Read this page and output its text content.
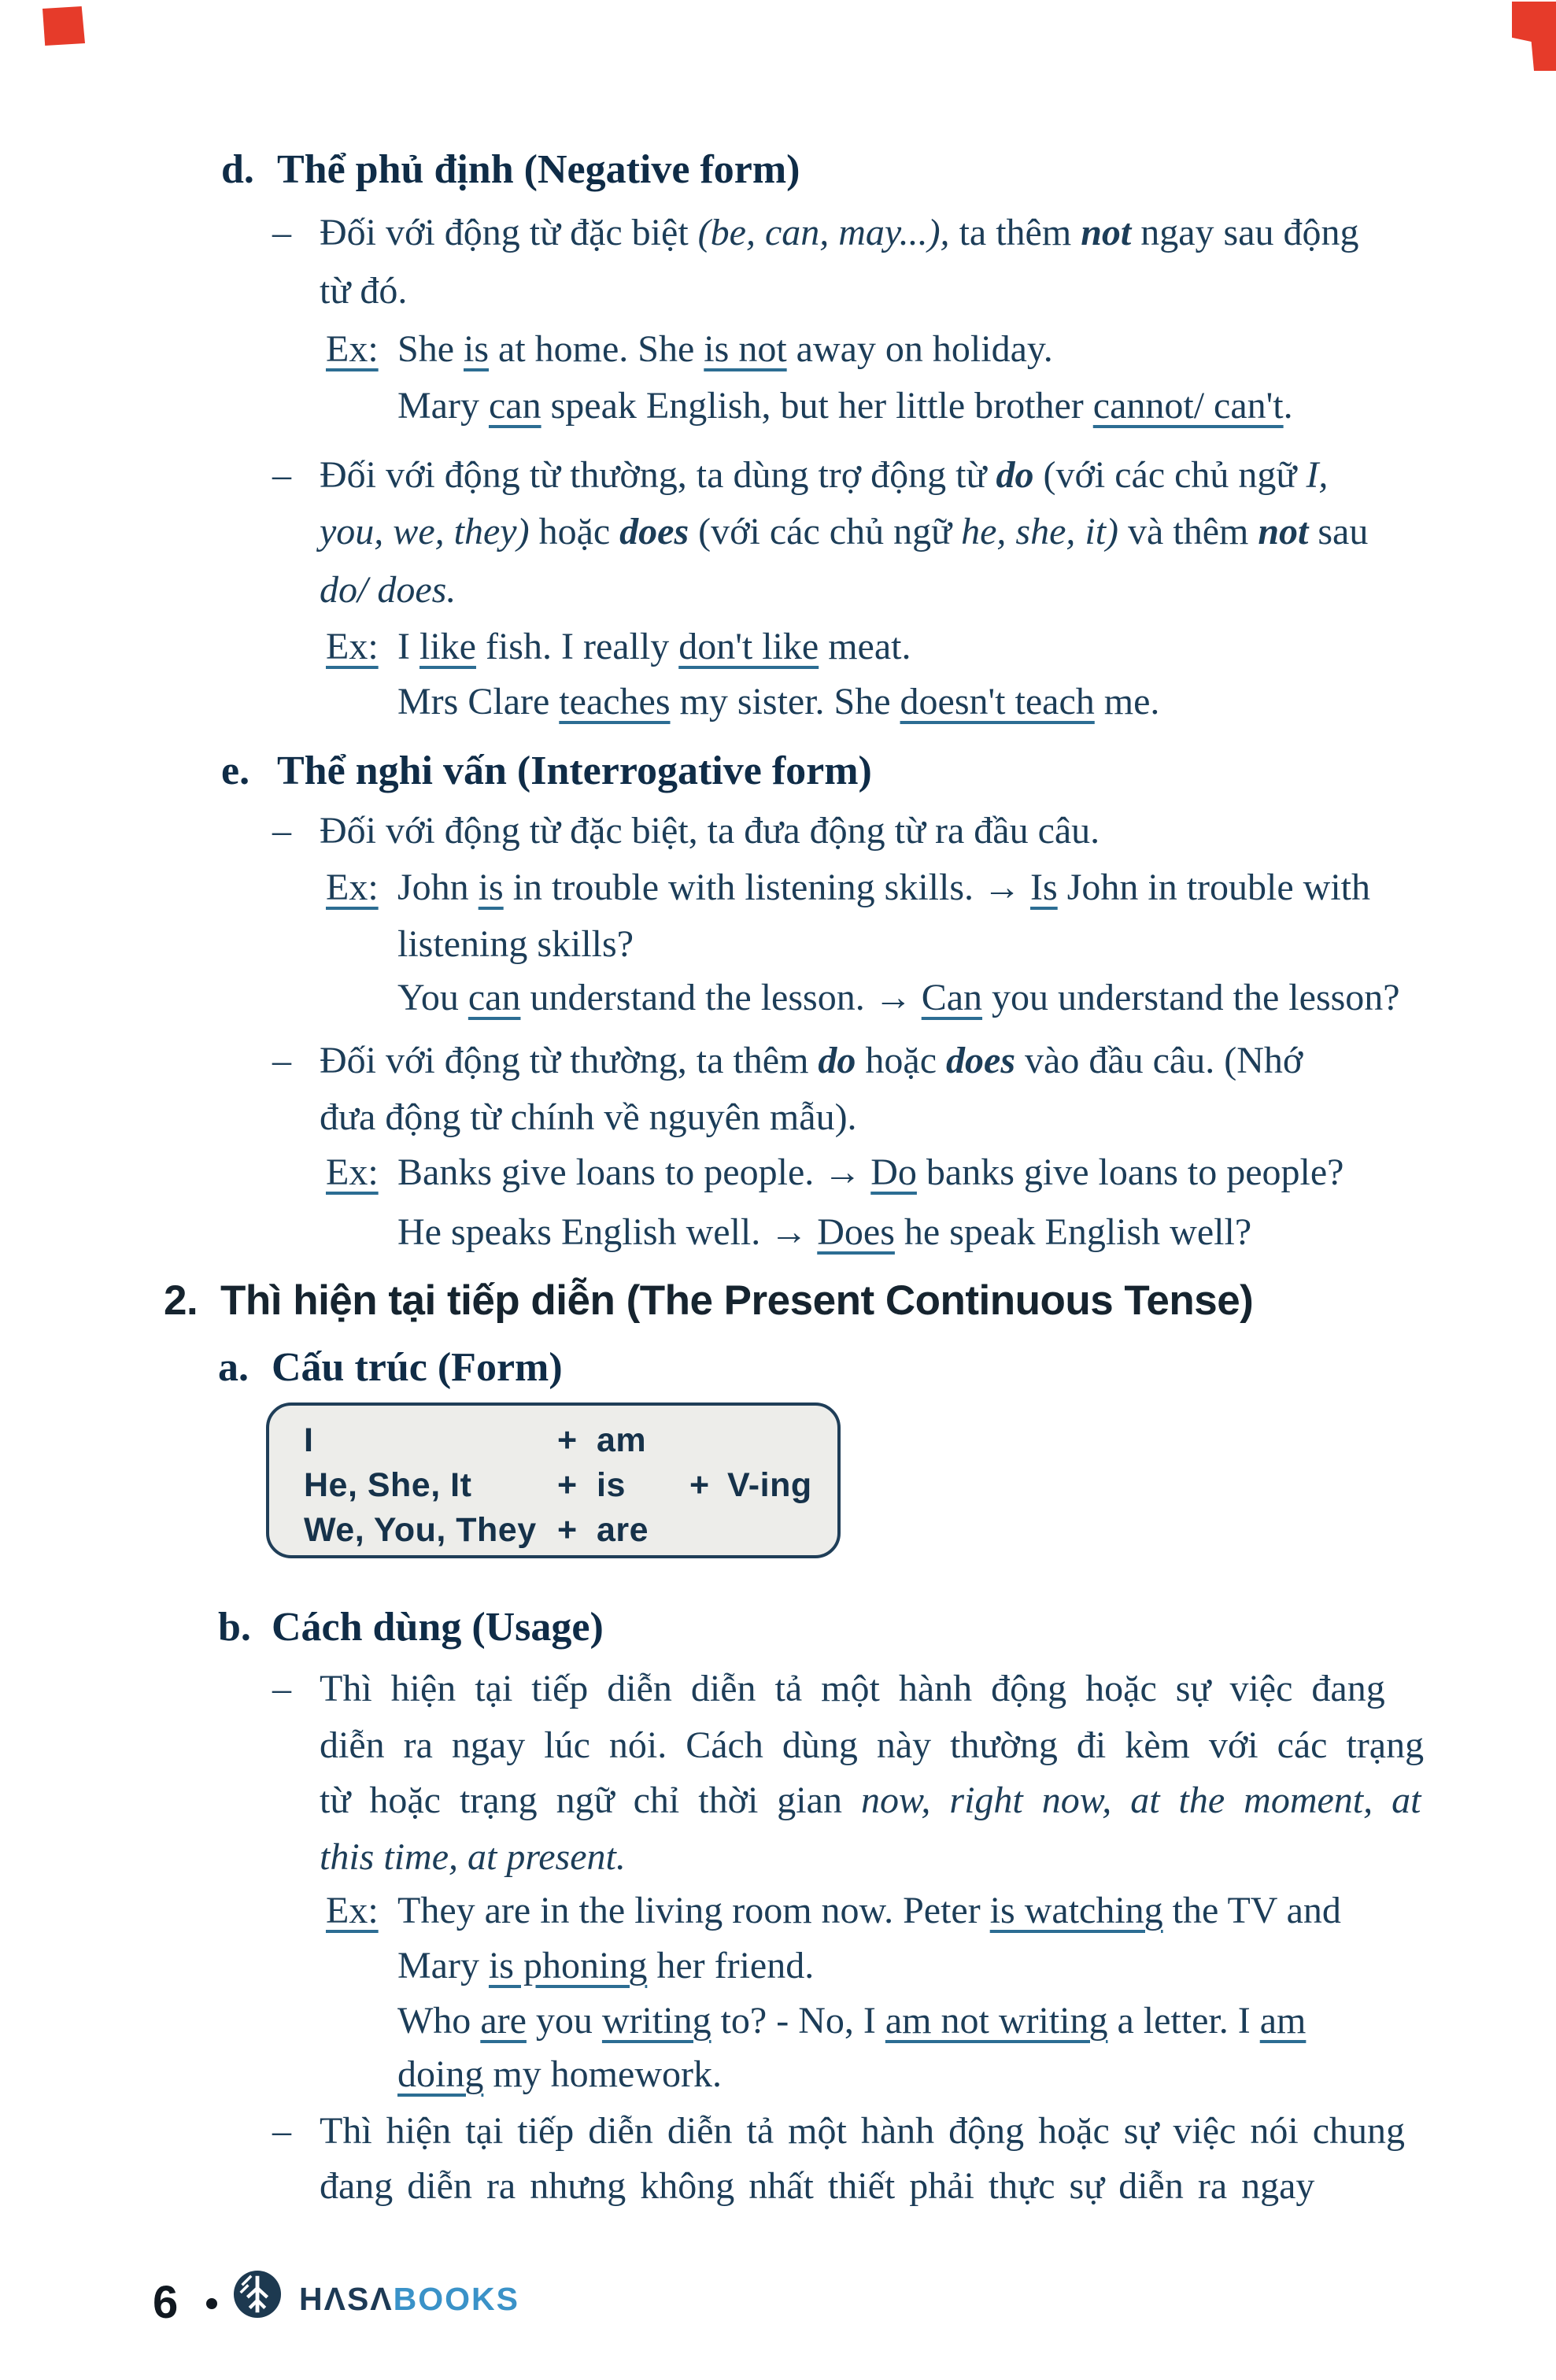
d. Thể phủ định (Negative form)
– Đối với động từ đặc biệt (be, can, may...), ta thêm not ngay sau động
từ đó.
Ex: She is at home. She is not away on holiday.
Mary can speak English, but her little brother cannot/ can't.
– Đối với động từ thường, ta dùng trợ động từ do (với các chủ ngữ I,
you, we, they) hoặc does (với các chủ ngữ he, she, it) và thêm not sau
do/ does.
Ex: I like fish. I really don't like meat.
Mrs Clare teaches my sister. She doesn't teach me.
e. Thể nghi vấn (Interrogative form)
– Đối với động từ đặc biệt, ta đưa động từ ra đầu câu.
Ex: John is in trouble with listening skills. → Is John in trouble with
listening skills?
You can understand the lesson. → Can you understand the lesson?
– Đối với động từ thường, ta thêm do hoặc does vào đầu câu. (Nhớ
đưa động từ chính về nguyên mẫu).
Ex: Banks give loans to people. → Do banks give loans to people?
He speaks English well. → Does he speak English well?
2. Thì hiện tại tiếp diễn (The Present Continuous Tense)
a. Cấu trúc (Form)
b. Cách dùng (Usage)
– Thì hiện tại tiếp diễn diễn tả một hành động hoặc sự việc đang
diễn ra ngay lúc nói. Cách dùng này thường đi kèm với các trạng
từ hoặc trạng ngữ chỉ thời gian now, right now, at the moment, at
this time, at present.
Ex: They are in the living room now. Peter is watching the TV and
Mary is phoning her friend.
Who are you writing to? - No, I am not writing a letter. I am
doing my homework.
– Thì hiện tại tiếp diễn diễn tả một hành động hoặc sự việc nói chung
đang diễn ra nhưng không nhất thiết phải thực sự diễn ra ngay
I	+ am
He, She, It	+ is	+ V-ing
We, You, They + are
6	HΛSΛBOOKS
